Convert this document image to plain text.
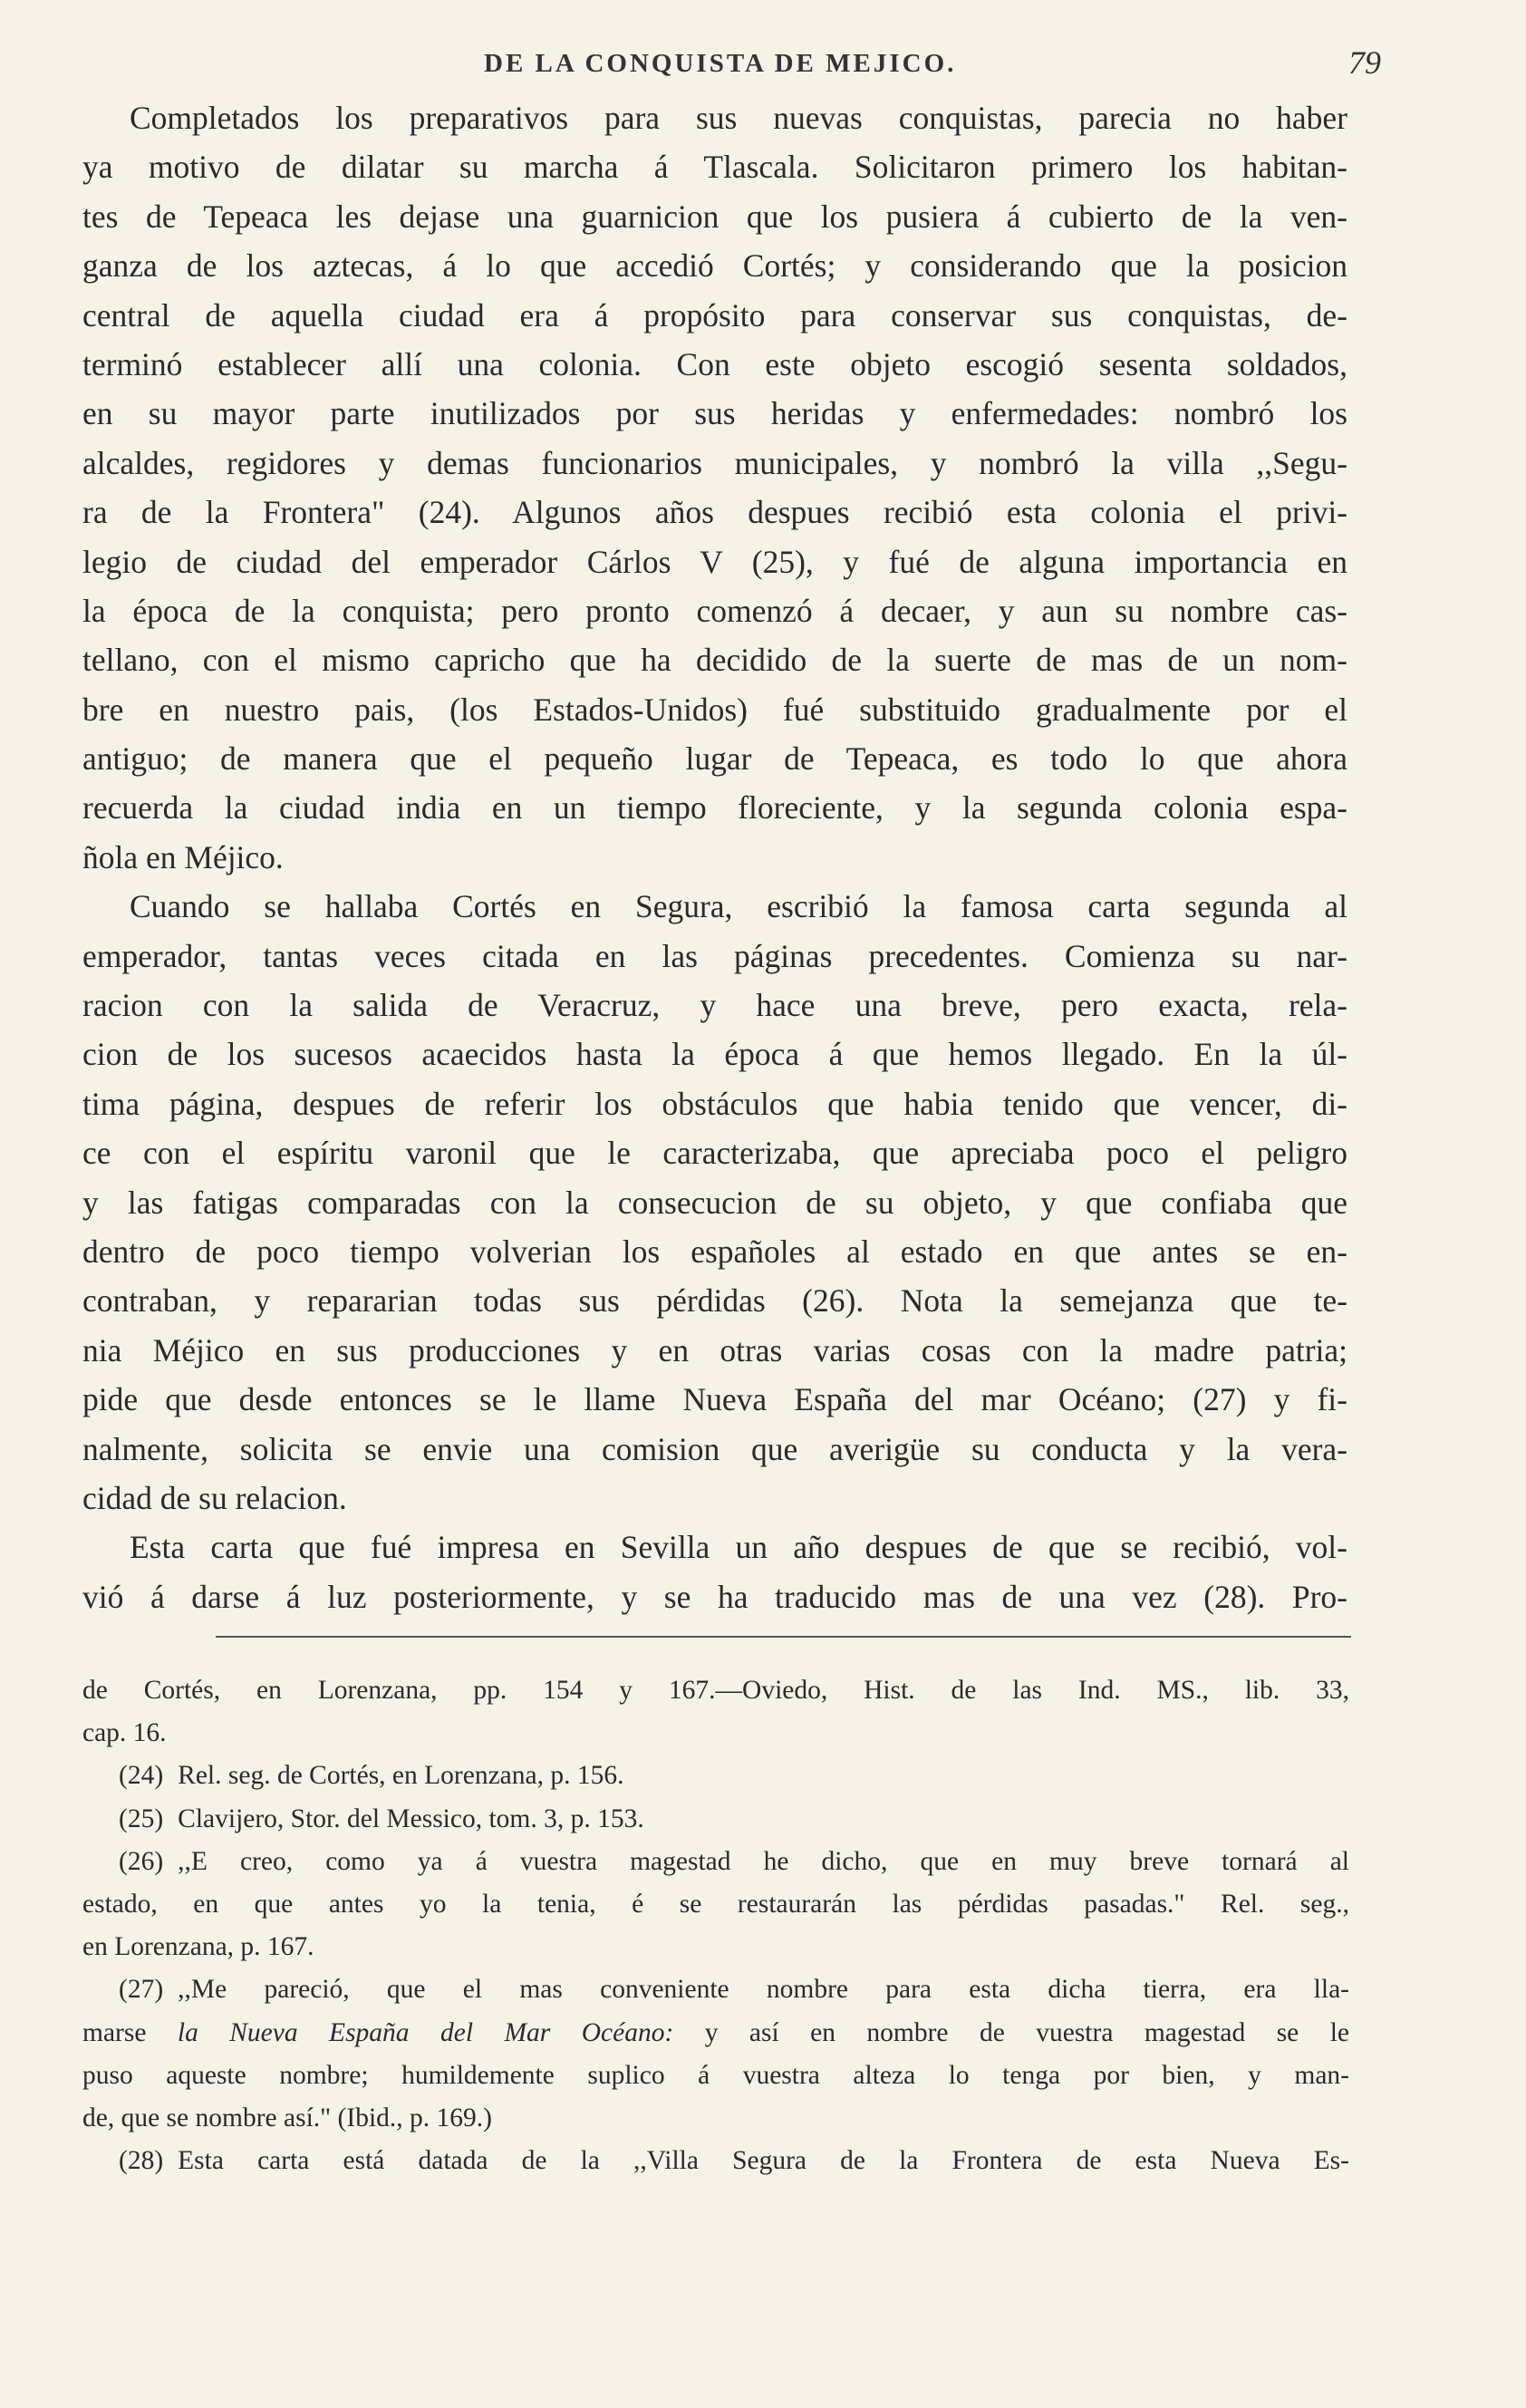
DE LA CONQUISTA DE MEJICO.	79
Completados los preparativos para sus nuevas conquistas, parecia no haber
ya motivo de dilatar su marcha á Tlascala. Solicitaron primero los habitan-
tes de Tepeaca les dejase una guarnicion que los pusiera á cubierto de la ven-
ganza de los aztecas, á lo que accedió Cortés; y considerando que la posicion
central de aquella ciudad era á propósito para conservar sus conquistas, de-
terminó establecer allí una colonia. Con este objeto escogió sesenta soldados,
en su mayor parte inutilizados por sus heridas y enfermedades: nombró los
alcaldes, regidores y demas funcionarios municipales, y nombró la villa ,,Segu-
ra de la Frontera" (24). Algunos años despues recibió esta colonia el privi-
legio de ciudad del emperador Cárlos V (25), y fué de alguna importancia en
la época de la conquista; pero pronto comenzó á decaer, y aun su nombre cas-
tellano, con el mismo capricho que ha decidido de la suerte de mas de un nom-
bre en nuestro pais, (los Estados-Unidos) fué substituido gradualmente por el
antiguo; de manera que el pequeño lugar de Tepeaca, es todo lo que ahora
recuerda la ciudad india en un tiempo floreciente, y la segunda colonia espa-
ñola en Méjico.
Cuando se hallaba Cortés en Segura, escribió la famosa carta segunda al
emperador, tantas veces citada en las páginas precedentes. Comienza su nar-
racion con la salida de Veracruz, y hace una breve, pero exacta, rela-
cion de los sucesos acaecidos hasta la época á que hemos llegado. En la úl-
tima página, despues de referir los obstáculos que habia tenido que vencer, di-
ce con el espíritu varonil que le caracterizaba, que apreciaba poco el peligro
y las fatigas comparadas con la consecucion de su objeto, y que confiaba que
dentro de poco tiempo volverian los españoles al estado en que antes se en-
contraban, y repararian todas sus pérdidas (26). Nota la semejanza que te-
nia Méjico en sus producciones y en otras varias cosas con la madre patria;
pide que desde entonces se le llame Nueva España del mar Océano; (27) y fi-
nalmente, solicita se envie una comision que averigüe su conducta y la vera-
cidad de su relacion.
Esta carta que fué impresa en Sevilla un año despues de que se recibió, vol-
vió á darse á luz posteriormente, y se ha traducido mas de una vez (28). Pro-
de Cortés, en Lorenzana, pp. 154 y 167.—Oviedo, Hist. de las Ind. MS., lib. 33,
cap. 16.
(24) Rel. seg. de Cortés, en Lorenzana, p. 156.
(25) Clavijero, Stor. del Messico, tom. 3, p. 153.
(26) ,,E creo, como ya á vuestra magestad he dicho, que en muy breve tornará al
estado, en que antes yo la tenia, é se restaurarán las pérdidas pasadas." Rel. seg.,
en Lorenzana, p. 167.
(27) ,,Me pareció, que el mas conveniente nombre para esta dicha tierra, era lla-
marse la Nueva España del Mar Océano: y así en nombre de vuestra magestad se le
puso aqueste nombre; humildemente suplico á vuestra alteza lo tenga por bien, y man-
de, que se nombre así." (Ibid., p. 169.)
(28) Esta carta está datada de la ,,Villa Segura de la Frontera de esta Nueva Es-
